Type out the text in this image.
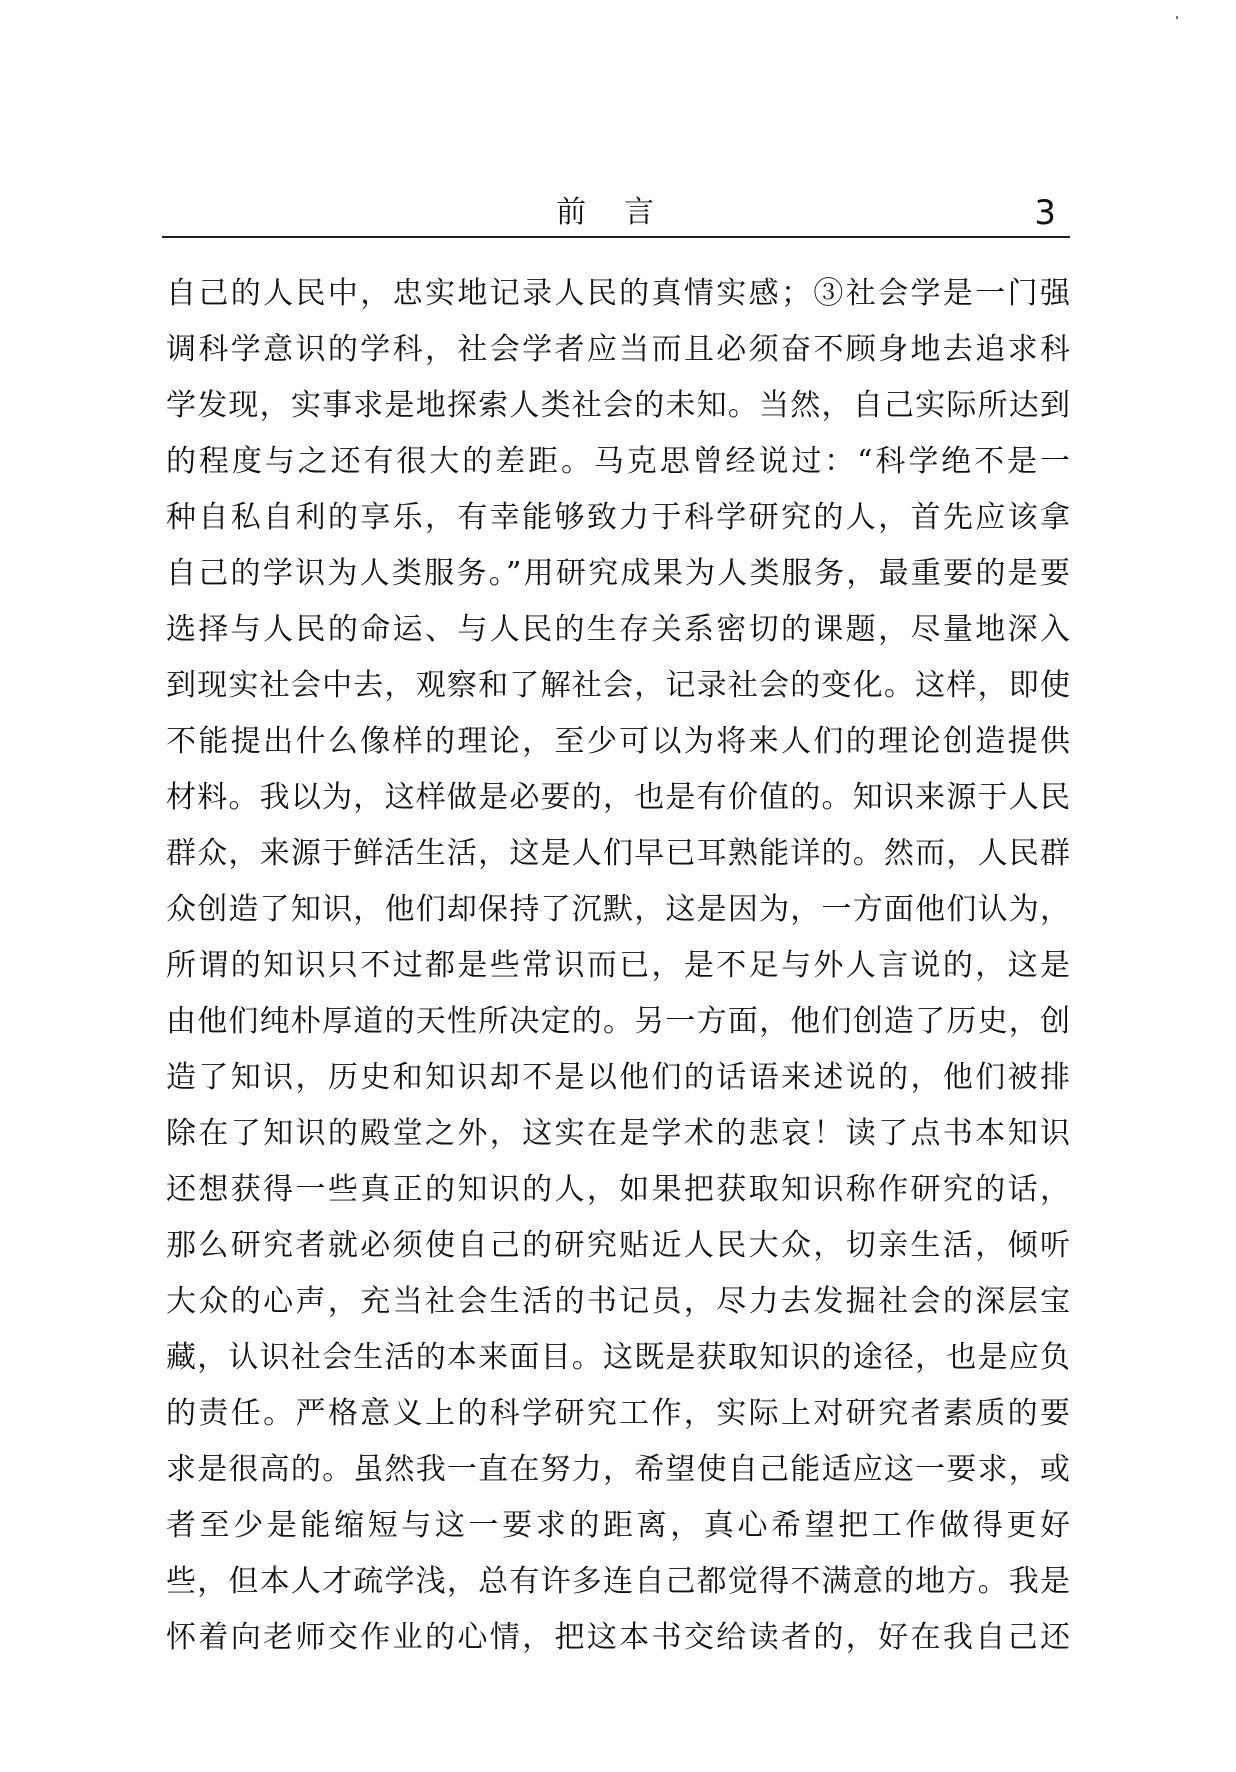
前言	3
自己的人民中，忠实地记录人民的真情实感；③社会学是一门强
调科学意识的学科，社会学者应当而且必须奋不顾身地去追求科
学发现，实事求是地探索人类社会的未知。当然，自己实际所达到
的程度与之还有很大的差距。马克思曾经说过：“科学绝不是一
种自私自利的享乐，有幸能够致力于科学研究的人，首先应该拿
自己的学识为人类服务。”用研究成果为人类服务，最重要的是要
选择与人民的命运、与人民的生存关系密切的课题，尽量地深入
到现实社会中去，观察和了解社会，记录社会的变化。这样，即使
不能提出什么像样的理论，至少可以为将来人们的理论创造提供
材料。我以为，这样做是必要的，也是有价值的。知识来源于人民
群众，来源于鲜活生活，这是人们早已耳熟能详的。然而，人民群
众创造了知识，他们却保持了沉默，这是因为，一方面他们认为，
所谓的知识只不过都是些常识而已，是不足与外人言说的，这是
由他们纯朴厚道的天性所决定的。另一方面，他们创造了历史，创
造了知识，历史和知识却不是以他们的话语来述说的，他们被排
除在了知识的殿堂之外，这实在是学术的悲哀！读了点书本知识
还想获得一些真正的知识的人，如果把获取知识称作研究的话，
那么研究者就必须使自己的研究贴近人民大众，切亲生活，倾听
大众的心声，充当社会生活的书记员，尽力去发掘社会的深层宝
藏，认识社会生活的本来面目。这既是获取知识的途径，也是应负
的责任。严格意义上的科学研究工作，实际上对研究者素质的要
求是很高的。虽然我一直在努力，希望使自己能适应这一要求，或
者至少是能缩短与这一要求的距离，真心希望把工作做得更好
些，但本人才疏学浅，总有许多连自己都觉得不满意的地方。我是
怀着向老师交作业的心情，把这本书交给读者的，好在我自己还
